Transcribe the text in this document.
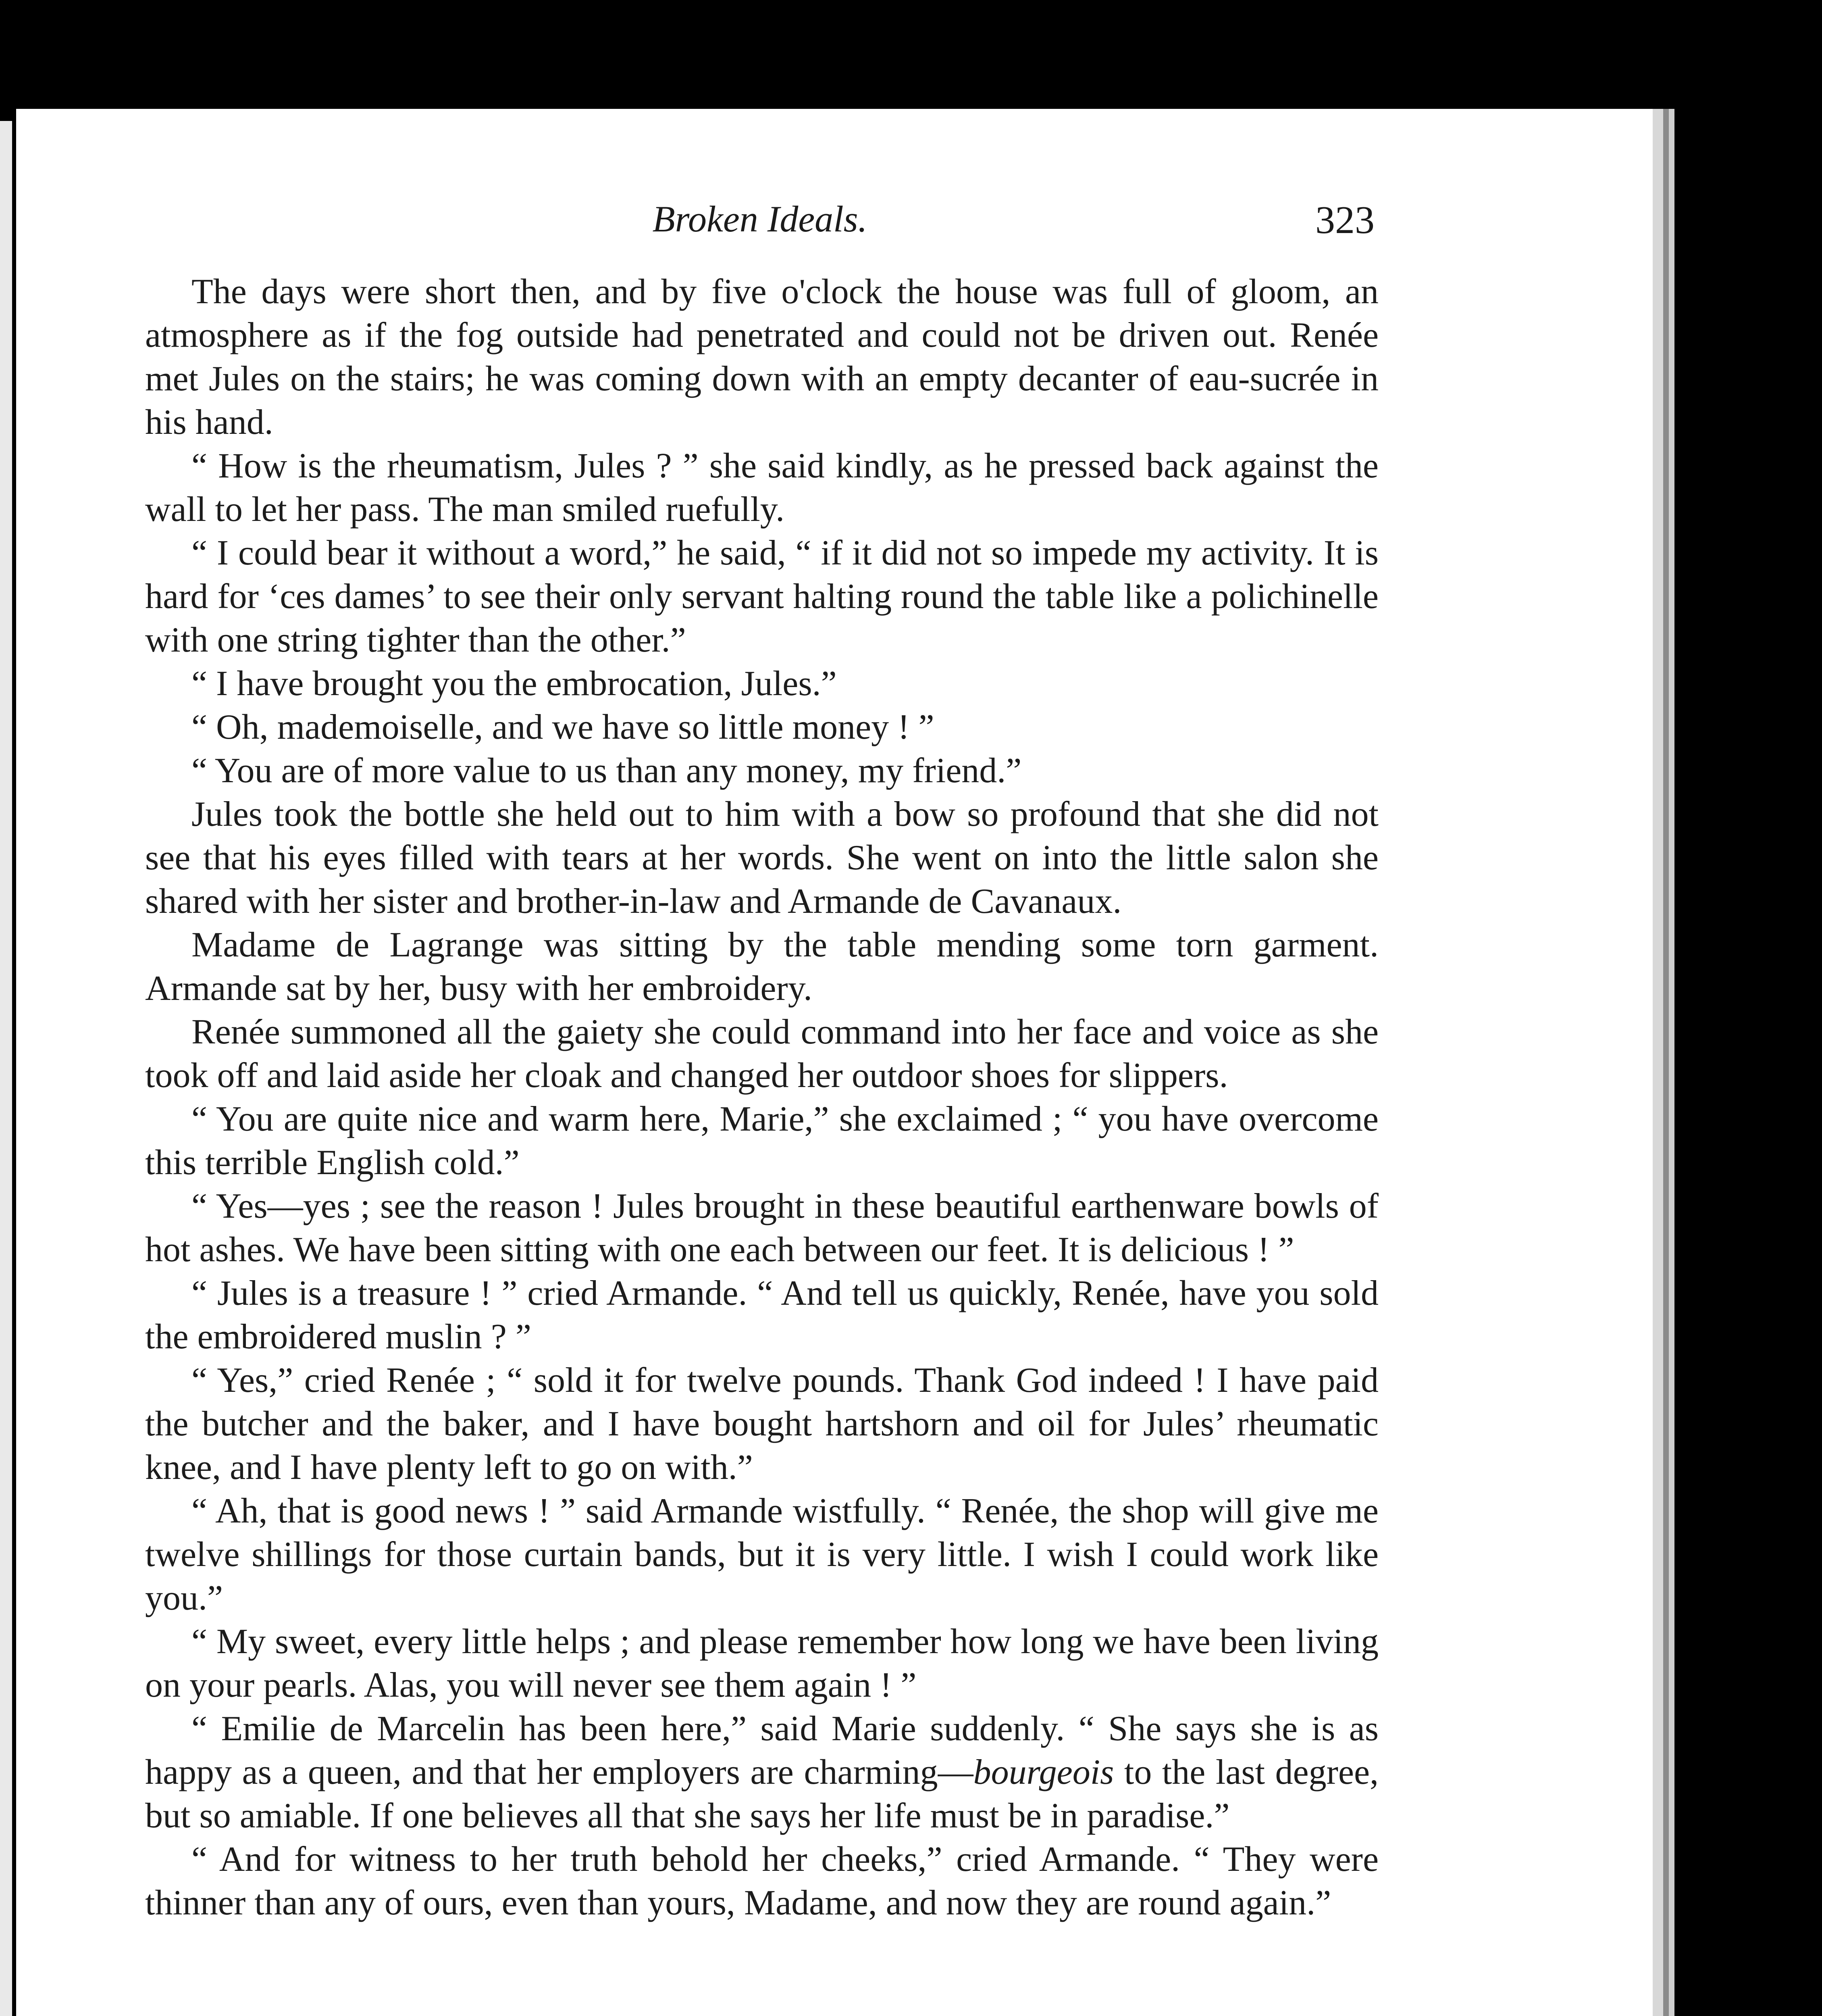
Broken Ideals.	323

The days were short then, and by five o'clock the house was full of gloom, an atmosphere as if the fog outside had penetrated and could not be driven out. Renée met Jules on the stairs; he was coming down with an empty decanter of eau-sucrée in his hand.

“ How is the rheumatism, Jules ? ” she said kindly, as he pressed back against the wall to let her pass. The man smiled ruefully.

“ I could bear it without a word,” he said, “ if it did not so impede my activity. It is hard for ‘ces dames’ to see their only servant halting round the table like a polichinelle with one string tighter than the other.”

“ I have brought you the embrocation, Jules.”

“ Oh, mademoiselle, and we have so little money ! ”

“ You are of more value to us than any money, my friend.”

Jules took the bottle she held out to him with a bow so profound that she did not see that his eyes filled with tears at her words. She went on into the little salon she shared with her sister and brother-in-law and Armande de Cavanaux.

Madame de Lagrange was sitting by the table mending some torn garment. Armande sat by her, busy with her embroidery.

Renée summoned all the gaiety she could command into her face and voice as she took off and laid aside her cloak and changed her outdoor shoes for slippers.

“ You are quite nice and warm here, Marie,” she exclaimed ; “ you have overcome this terrible English cold.”

“ Yes—yes ; see the reason ! Jules brought in these beautiful earthenware bowls of hot ashes. We have been sitting with one each between our feet. It is delicious ! ”

“ Jules is a treasure ! ” cried Armande. “ And tell us quickly, Renée, have you sold the embroidered muslin ? ”

“ Yes,” cried Renée ; “ sold it for twelve pounds. Thank God indeed ! I have paid the butcher and the baker, and I have bought hartshorn and oil for Jules’ rheumatic knee, and I have plenty left to go on with.”

“ Ah, that is good news ! ” said Armande wistfully. “ Renée, the shop will give me twelve shillings for those curtain bands, but it is very little. I wish I could work like you.”

“ My sweet, every little helps ; and please remember how long we have been living on your pearls. Alas, you will never see them again ! ”

“ Emilie de Marcelin has been here,” said Marie suddenly. “ She says she is as happy as a queen, and that her employers are charming—bourgeois to the last degree, but so amiable. If one believes all that she says her life must be in paradise.”

“ And for witness to her truth behold her cheeks,” cried Armande. “ They were thinner than any of ours, even than yours, Madame, and now they are round again.”
